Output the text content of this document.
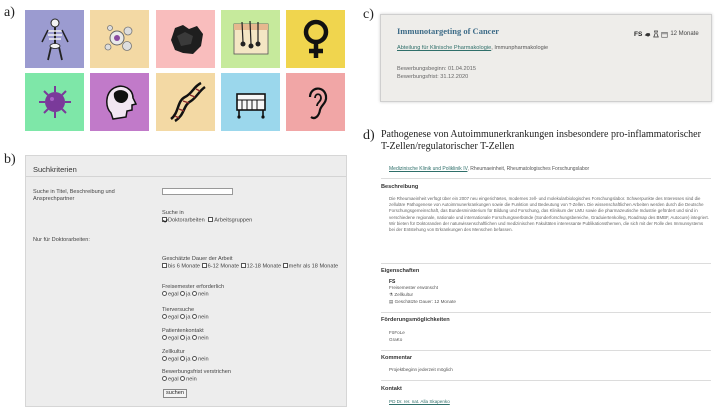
a)
b)
c)
d)
Suchkriterien
Suche in Titel, Beschreibung und Ansprechpartner
Suche in
Doktorarbeiten Arbeitsgruppen
Nur für Doktorarbeiten:
Geschätzte Dauer der Arbeit
bis 6 Monate 6-12 Monate 12-18 Monate mehr als 18 Monate
Freisemester erforderlich
egal ja nein
Tierversuche
egal ja nein
Patientenkontakt
egal ja nein
Zellkultur
egal ja nein
Bewerbungsfrist verstrichen
egal nein
suchen
Immunotargeting of Cancer
Abteilung für Klinische Pharmakologie, Immunpharmakologie
Bewerbungsbeginn: 01.04.2015
Bewerbungsfrist: 31.12.2020
FS	12 Monate
Pathogenese von Autoimmunerkrankungen insbesondere pro-inflammatorischer T-Zellen/regulatorischer T-Zellen
Medizinische Klinik und Poliklinik IV, Rheumaeinheit, Rheumatologisches Forschungslabor
Beschreibung
Die Rheumaeinheit verfügt über ein 2007 neu eingerichtetes, modernes zell- und molekularbiologisches Forschungslabor. Schwerpunkte des Interesses sind die zelluläre Pathogenese von Autoimmunerkrankungen sowie die Funktion und Bedeutung von T-Zellen. Die wissenschaftlichen Arbeiten werden durch die Deutsche Forschungsgemeinschaft, das Bundesministerium für Bildung und Forschung, das Klinikum der LMU sowie die pharmazeutische Industrie gefördert und sind in verschiedene regionale, nationale und internationale Forschungsverbünde (Sonderforschungsbereiche, Graduiertenkolleg, Roadmap des BMBF, Autocure) integriert. Wir bieten für Doktoranden der naturwissenschaftlichen und medizinischen Fakultäten interessante Publikationsthemen, die sich mit der Rolle des Immunsystems bei der Entstehung von Erkrankungen des Menschen befassen.
Eigenschaften
FS
Freisemester erwünscht
⚗ Zellkultur
▤ Geschätzte Dauer: 12 Monate
Förderungsmöglichkeiten
FöFoLe
GraKo
Kommentar
Projektbeginn jederzeit möglich
Kontakt
PD Dr. rer. nat. Alla Skapenko
